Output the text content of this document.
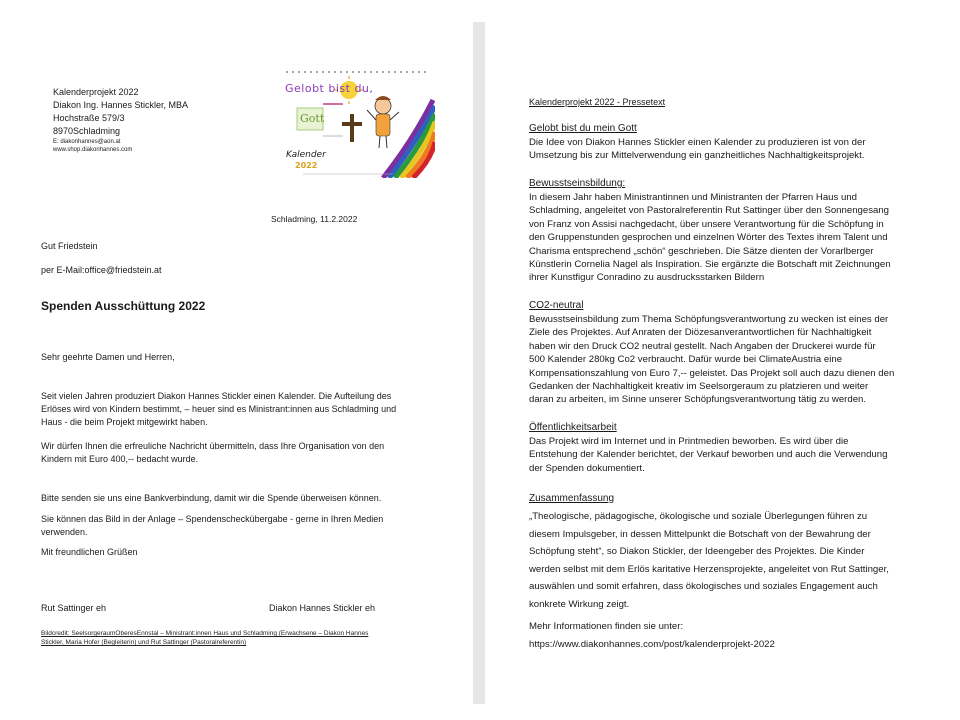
Kalenderprojekt 2022
Diakon Ing. Hannes Stickler, MBA
Hochstraße 579/3
8970Schladming
E: diakonhannes@aon.at
www.shop.diakonhannes.com
Gelobt bist du,
Gott
Kalender
2022
Schladming, 11.2.2022
Gut Friedstein
per E-Mail:office@friedstein.at
Spenden Ausschüttung 2022
Sehr geehrte Damen und Herren,
Seit vielen Jahren produziert Diakon Hannes Stickler einen Kalender. Die Aufteilung des
Erlöses wird von Kindern bestimmt, – heuer sind es Ministrant:innen aus Schladming und
Haus - die beim Projekt mitgewirkt haben.
Wir dürfen Ihnen die erfreuliche Nachricht übermitteln, dass Ihre Organisation von den
Kindern mit Euro 400,-- bedacht wurde.
Bitte senden sie uns eine Bankverbindung, damit wir die Spende überweisen können.
Sie können das Bild in der Anlage – Spendenscheckübergabe - gerne in Ihren Medien
verwenden.
Mit freundlichen Grüßen
Rut Sattinger eh	Diakon Hannes Stickler eh
Bildcredit: SeelsorgeraumOberesEnnstal – Ministrant:innen Haus und Schladming (Erwachsene – Diakon Hannes
Stickler, Maria Hofer (Begleiterin) und Rut Sattinger (Pastoralreferentin)
Kalenderprojekt 2022 - Pressetext
Gelobt bist du mein Gott
Die Idee von Diakon Hannes Stickler einen Kalender zu produzieren ist von der
Umsetzung bis zur Mittelverwendung ein ganzheitliches Nachhaltigkeitsprojekt.
Bewusstseinsbildung:
In diesem Jahr haben Ministrantinnen und Ministranten der Pfarren Haus und
Schladming, angeleitet von Pastoralreferentin Rut Sattinger über den Sonnengesang
von Franz von Assisi nachgedacht, über unsere Verantwortung für die Schöpfung in
den Gruppenstunden gesprochen und einzelnen Wörter des Textes ihrem Talent und
Charisma entsprechend „schön“ geschrieben. Die Sätze dienten der Vorarlberger
Künstlerin Cornelia Nagel als Inspiration. Sie ergänzte die Botschaft mit Zeichnungen
ihrer Kunstfigur Conradino zu ausdrucksstarken Bildern
CO2-neutral
Bewusstseinsbildung zum Thema Schöpfungsverantwortung zu wecken ist eines der
Ziele des Projektes. Auf Anraten der Diözesanverantwortlichen für Nachhaltigkeit
haben wir den Druck CO2 neutral gestellt. Nach Angaben der Druckerei wurde für
500 Kalender 280kg Co2 verbraucht. Dafür wurde bei ClimateAustria eine
Kompensationszahlung von Euro 7,-- geleistet. Das Projekt soll auch dazu dienen den
Gedanken der Nachhaltigkeit kreativ im Seelsorgeraum zu platzieren und weiter
daran zu arbeiten, im Sinne unserer Schöpfungsverantwortung tätig zu werden.
Öffentlichkeitsarbeit
Das Projekt wird im Internet und in Printmedien beworben. Es wird über die
Entstehung der Kalender berichtet, der Verkauf beworben und auch die Verwendung
der Spenden dokumentiert.
Zusammenfassung
„Theologische, pädagogische, ökologische und soziale Überlegungen führen zu
diesem Impulsgeber, in dessen Mittelpunkt die Botschaft von der Bewahrung der
Schöpfung steht“, so Diakon Stickler, der Ideengeber des Projektes. Die Kinder
werden selbst mit dem Erlös karitative Herzensprojekte, angeleitet von Rut Sattinger,
auswählen und somit erfahren, dass ökologisches und soziales Engagement auch
konkrete Wirkung zeigt.
Mehr Informationen finden sie unter:
https://www.diakonhannes.com/post/kalenderprojekt-2022
